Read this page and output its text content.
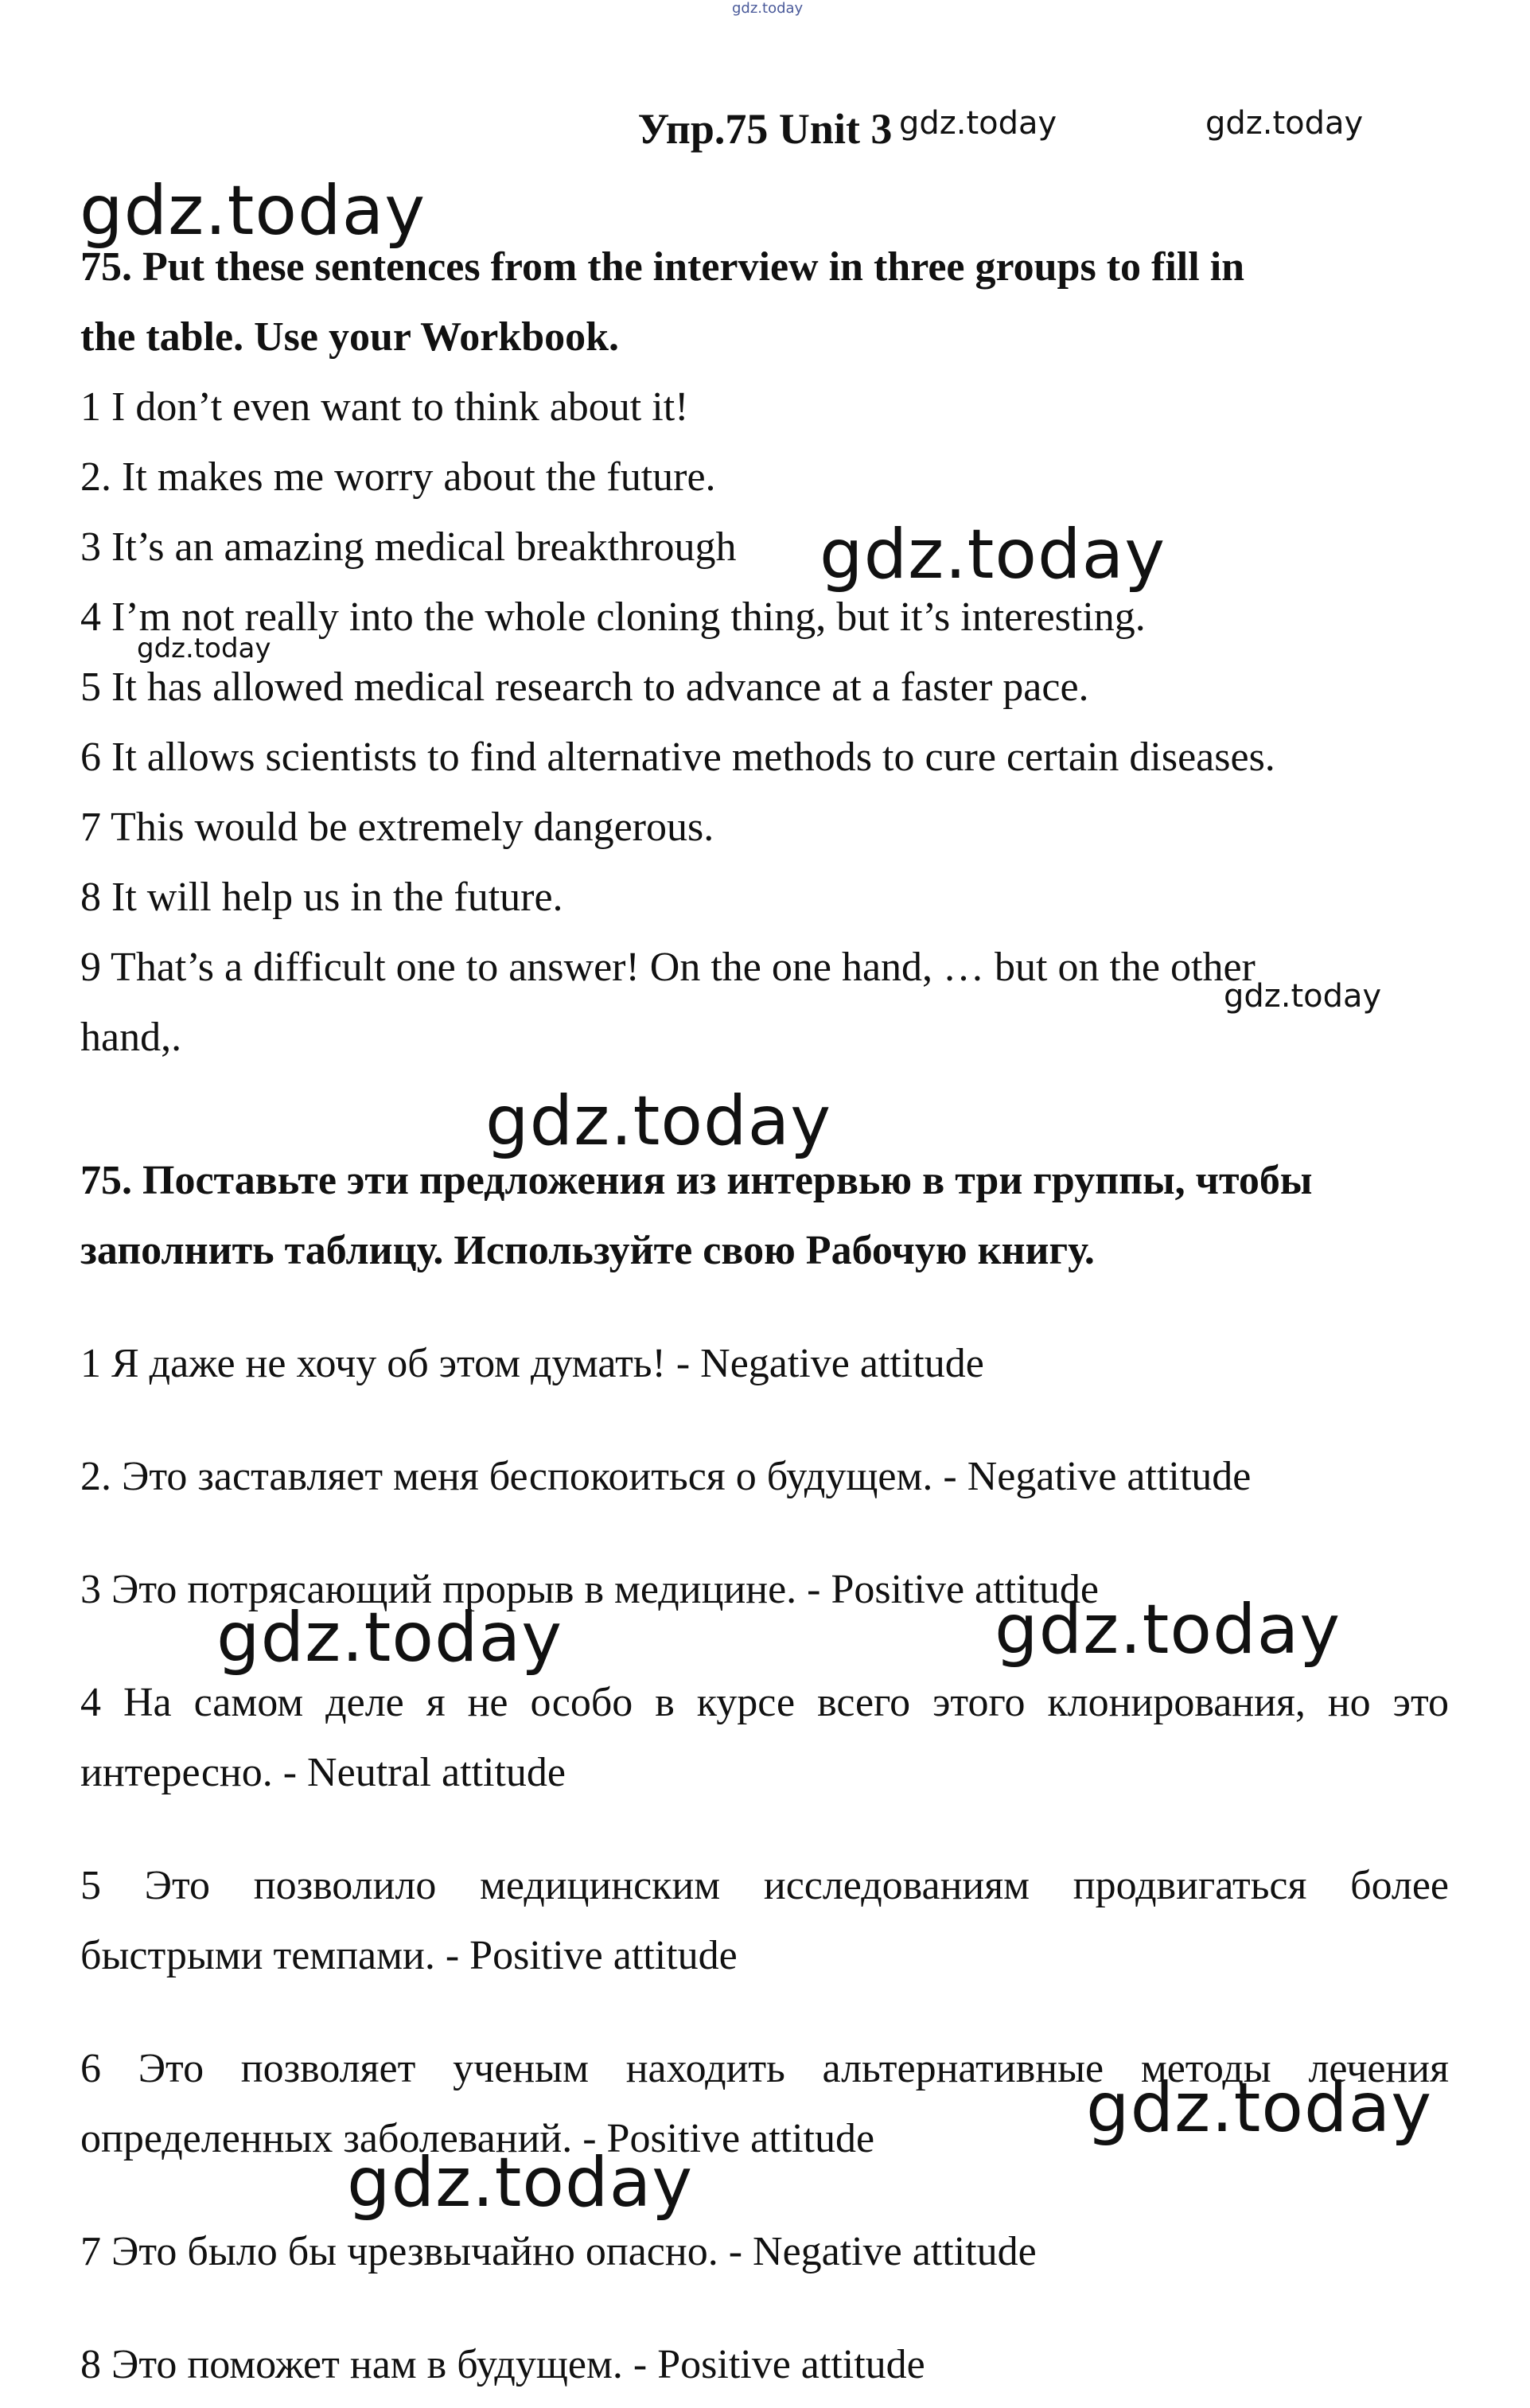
gdz.today
gdz.today	gdz.today
gdz.today
gdz.today
gdz.today
gdz.today
gdz.today
gdz.today	gdz.today
gdz.today
gdz.today
Упр.75 Unit 3
75. Put these sentences from the interview in three groups to fill in
the table. Use your Workbook.
1 I don’t even want to think about it!
2. It makes me worry about the future.
3 It’s an amazing medical breakthrough
4 I’m not really into the whole cloning thing, but it’s interesting.
5 It has allowed medical research to advance at a faster pace.
6 It allows scientists to find alternative methods to cure certain diseases.
7 This would be extremely dangerous.
8 It will help us in the future.
9 That’s a difficult one to answer! On the one hand, … but on the other
hand,.
75. Поставьте эти предложения из интервью в три группы, чтобы
заполнить таблицу. Используйте свою Рабочую книгу.
1 Я даже не хочу об этом думать! - Negative attitude
2. Это заставляет меня беспокоиться о будущем. - Negative attitude
3 Это потрясающий прорыв в медицине. - Positive attitude
4 На самом деле я не особо в курсе всего этого клонирования, но это
интересно. - Neutral attitude
5 Это позволило медицинским исследованиям продвигаться более
быстрыми темпами. - Positive attitude
6 Это позволяет ученым находить альтернативные методы лечения
определенных заболеваний. - Positive attitude
7 Это было бы чрезвычайно опасно. - Negative attitude
8 Это поможет нам в будущем. - Positive attitude
